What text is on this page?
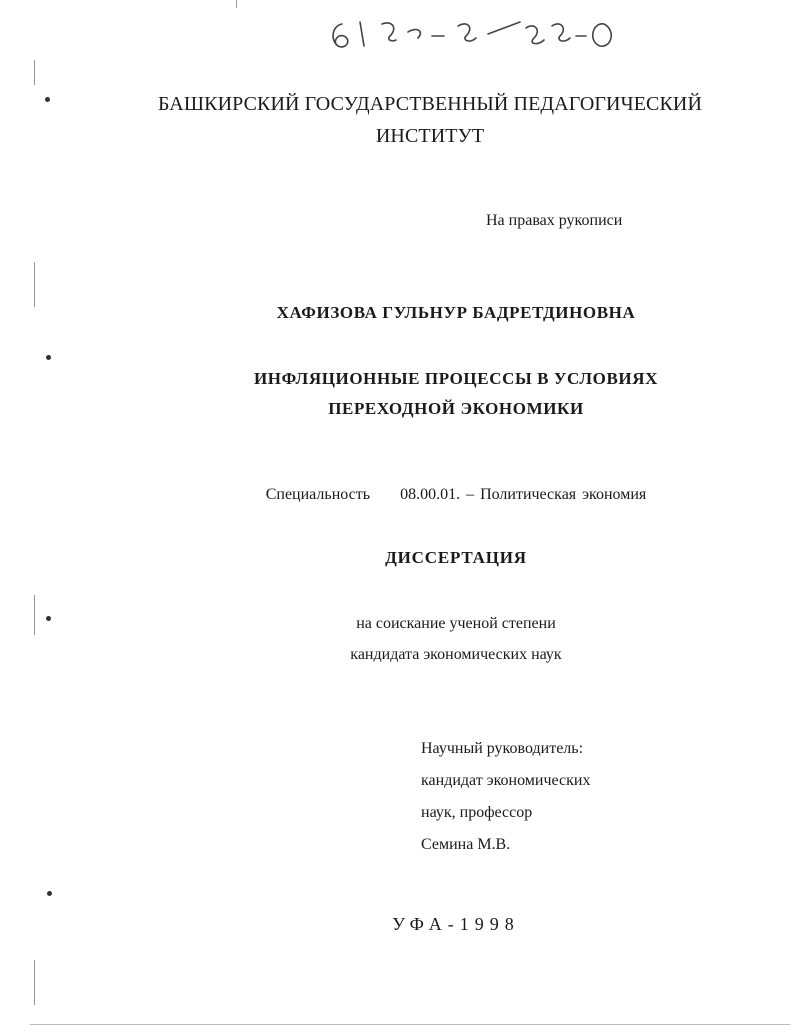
БАШКИРСКИЙ ГОСУДАРСТВЕННЫЙ ПЕДАГОГИЧЕСКИЙ
ИНСТИТУТ
На правах рукописи
ХАФИЗОВА ГУЛЬНУР БАДРЕТДИНОВНА
ИНФЛЯЦИОННЫЕ ПРОЦЕССЫ В УСЛОВИЯХ
ПЕРЕХОДНОЙ ЭКОНОМИКИ
Специальность 08.00.01. – Политическая экономия
ДИССЕРТАЦИЯ
на соискание ученой степени
кандидата экономических наук
Научный руководитель:
кандидат экономических
наук, профессор
Семина М.В.
УФА-1998
